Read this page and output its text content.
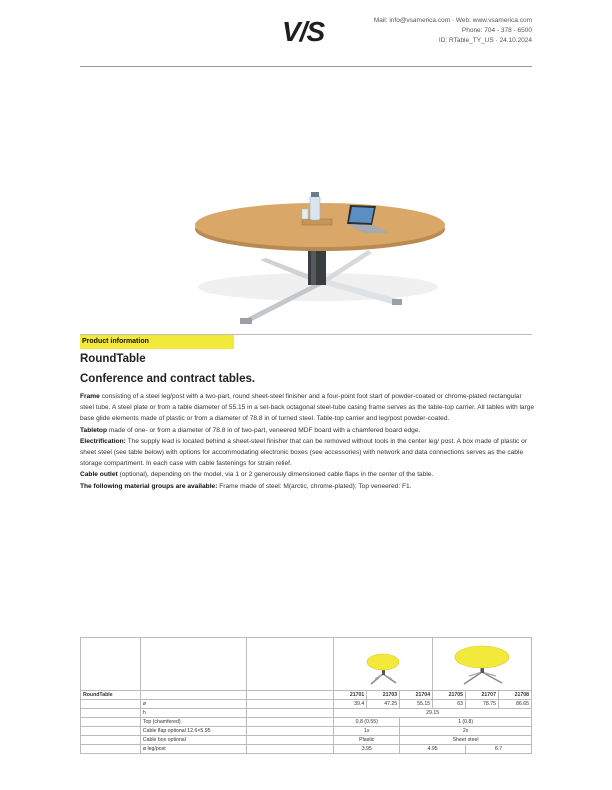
V/S	Mail: info@vsamerica.com · Web: www.vsamerica.com
Phone: 704 - 378 - 6500
ID: RTable_TY_US · 24.10.2024
Product information
RoundTable
Conference and contract tables.

Frame consisting of a steel leg/post with a two-part, round sheet-steel finisher and a four-point foot start of powder-coated or chrome-plated rectangular steel tube. A steel plate or from a table diameter of 55.15 in a set-back octagonal steel-tube casing frame serves as the table-top carrier. All tables with large base glide elements made of plastic or from a diameter of 78.8 in of turned steel. Table-top carrier and leg/post powder-coated.

Tabletop made of one- or from a diameter of 78.8 in of two-part, veneered MDF board with a chamfered board edge.

Electrification: The supply lead is located behind a sheet-steel finisher that can be removed without tools in the center leg/ post. A box made of plastic or sheet steel (see table below) with options for accommodating electronic boxes (see accessories) with network and data connections serves as the cable storage compartment. In each case with cable fastenings for strain relief.

Cable outlet (optional), depending on the model, via 1 or 2 generously dimensioned cable flaps in the center of the table.

The following material groups are available: Frame made of steel: M(arctic, chrome-plated); Top veneered: F1.

RoundTable			21701	21703	21704	21705	21707	21708
	ø		39.4	47.25	55.15	63	78.75	86.65
	h		29.15					
	Top (chamfered)		0.8 (0.55)		1 (0.8)			
	Cable flap optional 12.6×5.95		1x		2x			
	Cable box optional		Plastic		Sheet steel			
	ø leg/post		3.95		4.95		6.7	
